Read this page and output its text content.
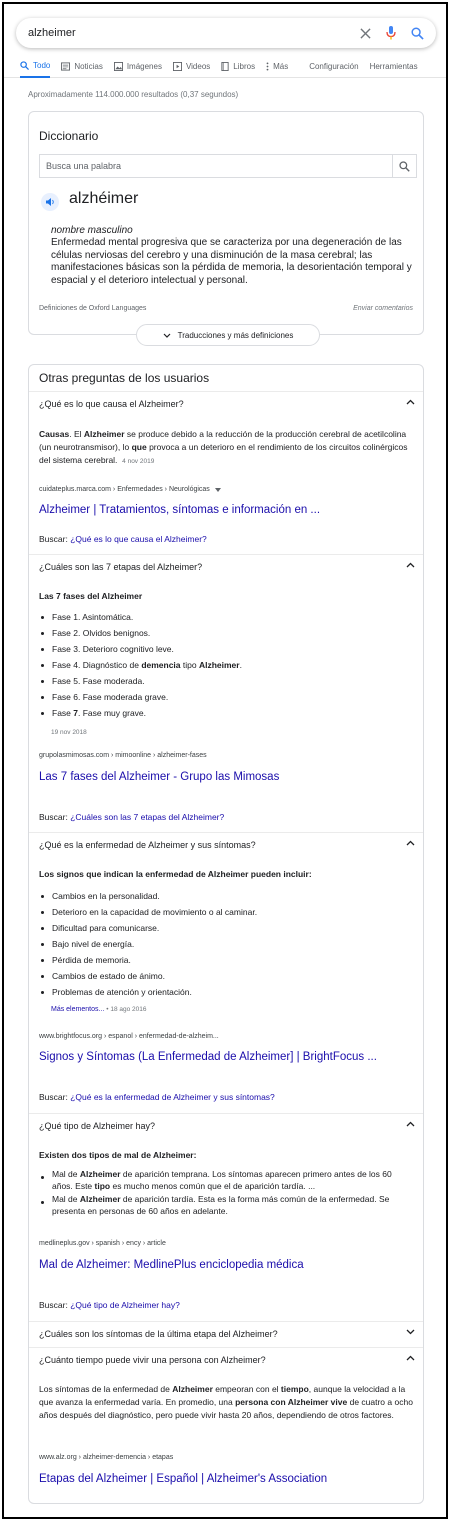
alzheimer
Todo	Noticias	Imágenes	Videos	Libros Más	Configuración Herramientas
Aproximadamente 114.000.000 resultados (0,37 segundos)
Diccionario
Busca una palabra
alzhéimer
nombre masculino
Enfermedad mental progresiva que se caracteriza por una degeneración de las células nerviosas del cerebro y una disminución de la masa cerebral; las manifestaciones básicas son la pérdida de memoria, la desorientación temporal y espacial y el deterioro intelectual y personal.
Definiciones de Oxford Languages	Enviar comentarios
Traducciones y más definiciones
Otras preguntas de los usuarios
¿Qué es lo que causa el Alzheimer?
Causas. El Alzheimer se produce debido a la reducción de la producción cerebral de acetilcolina (un neurotransmisor), lo que provoca a un deterioro en el rendimiento de los circuitos colinérgicos del sistema cerebral. 4 nov 2019
cuidateplus.marca.com › Enfermedades › Neurológicas
Alzheimer | Tratamientos, síntomas e información en ...
Buscar: ¿Qué es lo que causa el Alzheimer?
¿Cuáles son las 7 etapas del Alzheimer?
Las 7 fases del Alzheimer
Fase 1. Asintomática.
Fase 2. Olvidos benignos.
Fase 3. Deterioro cognitivo leve.
Fase 4. Diagnóstico de demencia tipo Alzheimer.
Fase 5. Fase moderada.
Fase 6. Fase moderada grave.
Fase 7. Fase muy grave.
19 nov 2018
grupolasmimosas.com › mimoonline › alzheimer-fases
Las 7 fases del Alzheimer - Grupo las Mimosas
Buscar: ¿Cuáles son las 7 etapas del Alzheimer?
¿Qué es la enfermedad de Alzheimer y sus síntomas?
Los signos que indican la enfermedad de Alzheimer pueden incluir:
Cambios en la personalidad.
Deterioro en la capacidad de movimiento o al caminar.
Dificultad para comunicarse.
Bajo nivel de energía.
Pérdida de memoria.
Cambios de estado de ánimo.
Problemas de atención y orientación.
Más elementos... • 18 ago 2016
www.brightfocus.org › espanol › enfermedad-de-alzheim...
Signos y Síntomas (La Enfermedad de Alzheimer] | BrightFocus ...
Buscar: ¿Qué es la enfermedad de Alzheimer y sus síntomas?
¿Qué tipo de Alzheimer hay?
Existen dos tipos de mal de Alzheimer:
Mal de Alzheimer de aparición temprana. Los síntomas aparecen primero antes de los 60 años. Este tipo es mucho menos común que el de aparición tardía. ...
Mal de Alzheimer de aparición tardía. Esta es la forma más común de la enfermedad. Se presenta en personas de 60 años en adelante.
medlineplus.gov › spanish › ency › article
Mal de Alzheimer: MedlinePlus enciclopedia médica
Buscar: ¿Qué tipo de Alzheimer hay?
¿Cuáles son los síntomas de la última etapa del Alzheimer?
¿Cuánto tiempo puede vivir una persona con Alzheimer?
Los síntomas de la enfermedad de Alzheimer empeoran con el tiempo, aunque la velocidad a la que avanza la enfermedad varía. En promedio, una persona con Alzheimer vive de cuatro a ocho años después del diagnóstico, pero puede vivir hasta 20 años, dependiendo de otros factores.
www.alz.org › alzheimer-demencia › etapas
Etapas del Alzheimer | Español | Alzheimer's Association
